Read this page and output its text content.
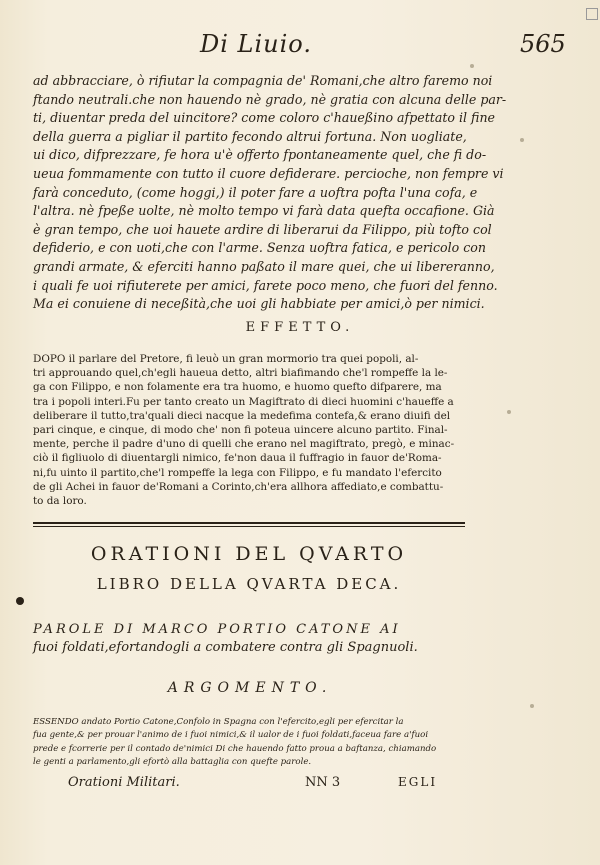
Di Liuio.	565
ad abbracciare, ò rifiutar la compagnia de' Romani,che altro faremo noi
ftando neutrali.che non hauendo nè grado, nè gratia con alcuna delle par-
ti, diuentar preda del uincitore? come coloro c'haueßino afpettato il fine
della guerra a pigliar il partito fecondo altrui fortuna. Non uogliate,
ui dico, difprezzare, fe hora u'è offerto fpontaneamente quel, che fi do-
ueua fommamente con tutto il cuore defiderare. percioche, non fempre vi
farà conceduto, (come hoggi,) il poter fare a uoftra pofta l'una cofa, e
l'altra. nè fpeße uolte, nè molto tempo vi farà data quefta occafione. Già
è gran tempo, che uoi hauete ardire di liberarui da Filippo, più tofto col
defiderio, e con uoti,che con l'arme. Senza uoftra fatica, e pericolo con
grandi armate, & eferciti hanno paßato il mare quei, che ui libereranno,
i quali fe uoi rifiuterete per amici, farete poco meno, che fuori del fenno.
Ma ei conuiene di neceßità,che uoi gli habbiate per amici,ò per nimici.
EFFETTO.
DOPO il parlare del Pretore, fi leuò un gran mormorio tra quei popoli, al-
tri approuando quel,ch'egli haueua detto, altri biafimando che'l rompeffe la le-
ga con Filippo, e non folamente era tra huomo, e huomo quefto difparere, ma
tra i popoli interi.Fu per tanto creato un Magiftrato di dieci huomini c'haueffe a
deliberare il tutto,tra'quali dieci nacque la medefima contefa,& erano diuifi del
pari cinque, e cinque, di modo che' non fi poteua uincere alcuno partito. Final-
mente, perche il padre d'uno di quelli che erano nel magiftrato, pregò, e minac-
ciò il figliuolo di diuentargli nimico, fe'non daua il fuffragio in fauor de'Roma-
ni,fu uinto il partito,che'l rompeffe la lega con Filippo, e fu mandato l'efercito
de gli Achei in fauor de'Romani a Corinto,ch'era allhora affediato,e combattu-
to da loro.
ORATIONI DEL QVARTO
LIBRO DELLA QVARTA DECA.
PAROLE DI MARCO PORTIO CATONE AI
fuoi foldati,efortandogli a combatere contra gli Spagnuoli.
ARGOMENTO.
ESSENDO andato Portio Catone,Confolo in Spagna con l'efercito,egli per efercitar la
fua gente,& per prouar l'animo de i fuoi nimici,& il ualor de i fuoi foldati,faceua fare a'fuoi
prede e fcorrerie per il contado de'nimici Di che hauendo fatto proua a baftanza, chiamando
le genti a parlamento,gli efortò alla battaglia con quefte parole.
Orationi Militari.	NN 3	EGLI
